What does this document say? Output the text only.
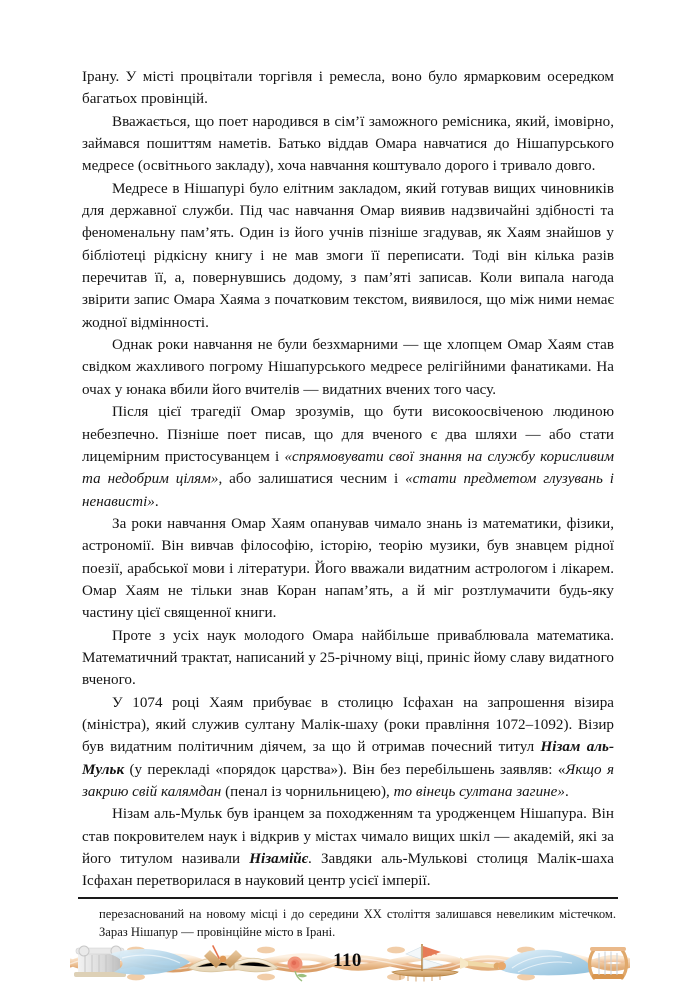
Ірану. У місті процвітали торгівля і ремесла, воно було ярмарковим осередком багатьох провінцій.

Вважається, що поет народився в сім’ї заможного ремісника, який, імовірно, займався пошиттям наметів. Батько віддав Омара навчатися до Нішапурського медресе (освітнього закладу), хоча навчання коштувало дорого і тривало довго.

Медресе в Нішапурі було елітним закладом, який готував вищих чиновників для державної служби. Під час навчання Омар виявив надзвичайні здібності та феноменальну пам’ять. Один із його учнів пізніше згадував, як Хаям знайшов у бібліотеці рідкісну книгу і не мав змоги її переписати. Тоді він кілька разів перечитав її, а, повернувшись додому, з пам’яті записав. Коли випала нагода звірити запис Омара Хаяма з початковим текстом, виявилося, що між ними немає жодної відмінності.

Однак роки навчання не були безхмарними — ще хлопцем Омар Хаям став свідком жахливого погрому Нішапурського медресе релігійними фанатиками. На очах у юнака вбили його вчителів — видатних вчених того часу.

Після цієї трагедії Омар зрозумів, що бути високоосвіченою людиною небезпечно. Пізніше поет писав, що для вченого є два шляхи — або стати лицемірним пристосуванцем і «спрямовувати свої знання на службу корисливим та недобрим цілям», або залишатися чесним і «стати предметом глузувань і ненависті».

За роки навчання Омар Хаям опанував чимало знань із математики, фізики, астрономії. Він вивчав філософію, історію, теорію музики, був знавцем рідної поезії, арабської мови і літератури. Його вважали видатним астрологом і лікарем. Омар Хаям не тільки знав Коран напам’ять, а й міг розтлумачити будь-яку частину цієї священної книги.

Проте з усіх наук молодого Омара найбільше приваблювала математика. Математичний трактат, написаний у 25-річному віці, приніс йому славу видатного вченого.

У 1074 році Хаям прибуває в столицю Ісфахан на запрошення візира (міністра), який служив султану Малік-шаху (роки правління 1072–1092). Візир був видатним політичним діячем, за що й отримав почесний титул Нізам аль-Мульк (у перекладі «порядок царства»). Він без перебільшень заявляв: «Якщо я закрию свій калямдан (пенал із чорнильницею), то вінець султана загине».

Нізам аль-Мульк був іранцем за походженням та уродженцем Нішапура. Він став покровителем наук і відкрив у містах чимало вищих шкіл — академій, які за його титулом називали Нізамійє. Завдяки аль-Мулькові столиця Малік-шаха Ісфахан перетворилася в науковий центр усієї імперії.

перезаснований на новому місці і до середини XX століття залишався невеликим містечком. Зараз Нішапур — провінційне місто в Ірані.

110
